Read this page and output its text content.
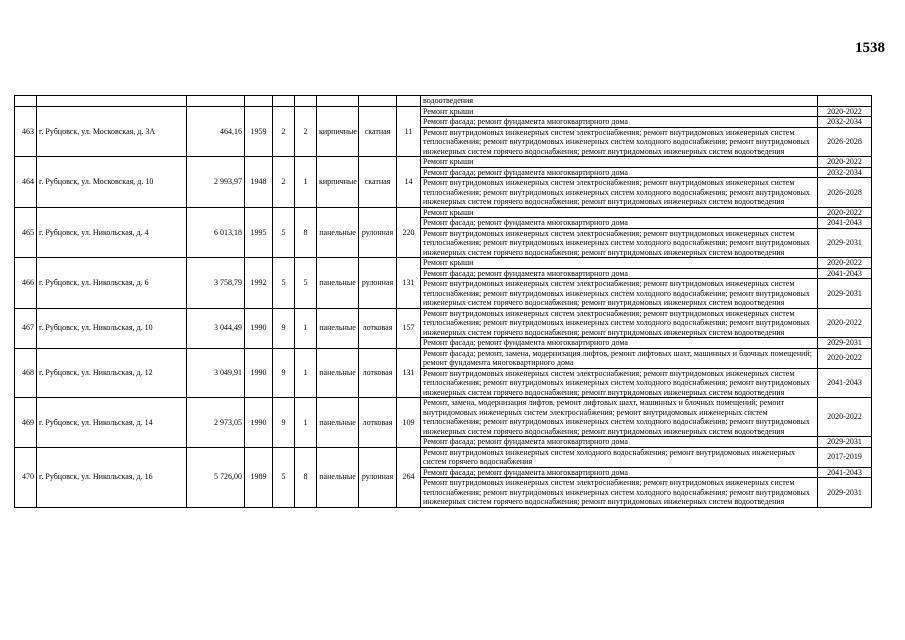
1538
									водоотведения	
463	г. Рубцовск, ул. Московская, д. 3А	464,16	1959	2	2	кирпичные	скатная	11	Ремонт крыши	2020-2022
									Ремонт фасада; ремонт фундамента многоквартирного дома	2032-2034
									Ремонт внутридомовых инженерных систем электроснабжения; ремонт внутридомовых инженерных систем теплоснабжения; ремонт внутридомовых инженерных систем холодного водоснабжения; ремонт внутридомовых инженерных систем горячего водоснабжения; ремонт внутридомовых инженерных систем водоотведения	2026-2028
464	г. Рубцовск, ул. Московская, д. 10	2 993,97	1948	2	1	кирпичные	скатная	14	Ремонт крыши	2020-2022
									Ремонт фасада; ремонт фундамента многоквартирного дома	2032-2034
									Ремонт внутридомовых инженерных систем электроснабжения; ремонт внутридомовых инженерных систем теплоснабжения; ремонт внутридомовых инженерных систем холодного водоснабжения; ремонт внутридомовых инженерных систем горячего водоснабжения; ремонт внутридомовых инженерных систем водоотведения	2026-2028
465	г. Рубцовск, ул. Никольская, д. 4	6 013,18	1995	5	8	панельные	рулонная	220	Ремонт крыши	2020-2022
									Ремонт фасада; ремонт фундамента многоквартирного дома	2041-2043
									Ремонт внутридомовых инженерных систем электроснабжения; ремонт внутридомовых инженерных систем теплоснабжения; ремонт внутридомовых инженерных систем холодного водоснабжения; ремонт внутридомовых инженерных систем горячего водоснабжения; ремонт внутридомовых инженерных систем водоотведения	2029-2031
466	г. Рубцовск, ул. Никольская, д. 6	3 758,79	1992	5	5	панельные	рулонная	131	Ремонт крыши	2020-2022
									Ремонт фасада; ремонт фундамента многоквартирного дома	2041-2043
									Ремонт внутридомовых инженерных систем электроснабжения; ремонт внутридомовых инженерных систем теплоснабжения; ремонт внутридомовых инженерных систем холодного водоснабжения; ремонт внутридомовых инженерных систем горячего водоснабжения; ремонт внутридомовых инженерных систем водоотведения	2029-2031
467	г. Рубцовск, ул. Никольская, д. 10	3 044,49	1990	9	1	панельные	лотковая	157	Ремонт внутридомовых инженерных систем электроснабжения; ремонт внутридомовых инженерных систем теплоснабжения; ремонт внутридомовых инженерных систем холодного водоснабжения; ремонт внутридомовых инженерных систем горячего водоснабжения; ремонт внутридомовых инженерных систем водоотведения	2020-2022
									Ремонт фасада; ремонт фундамента многоквартирного дома	2029-2031
468	г. Рубцовск, ул. Никольская, д. 12	3 049,91	1990	9	1	панельные	лотковая	131	Ремонт фасада; ремонт, замена, модернизация лифтов, ремонт лифтовых шахт, машинных и блочных помещений; ремонт фундамента многоквартирного дома	2020-2022
									Ремонт внутридомовых инженерных систем электроснабжения; ремонт внутридомовых инженерных систем теплоснабжения; ремонт внутридомовых инженерных систем холодного водоснабжения; ремонт внутридомовых инженерных систем горячего водоснабжения; ремонт внутридомовых инженерных систем водоотведения	2041-2043
469	г. Рубцовск, ул. Никольская, д. 14	2 973,05	1990	9	1	панельные	лотковая	109	Ремонт, замена, модернизация лифтов, ремонт лифтовых шахт, машинных и блочных помещений; ремонт внутридомовых инженерных систем электроснабжения; ремонт внутридомовых инженерных систем теплоснабжения; ремонт внутридомовых инженерных систем холодного водоснабжения; ремонт внутридомовых инженерных систем горячего водоснабжения; ремонт внутридомовых инженерных систем водоотведения	2020-2022
									Ремонт фасада; ремонт фундамента многоквартирного дома	2029-2031
470	г. Рубцовск, ул. Никольская, д. 16	5 726,00	1989	5	8	панельные	рулонная	264	Ремонт внутридомовых инженерных систем холодного водоснабжения; ремонт внутридомовых инженерных систем горячего водоснабжения	2017-2019
									Ремонт фасада; ремонт фундамента многоквартирного дома	2041-2043
									Ремонт внутридомовых инженерных систем электроснабжения; ремонт внутридомовых инженерных систем теплоснабжения; ремонт внутридомовых инженерных систем холодного водоснабжения; ремонт внутридомовых инженерных систем горячего водоснабжения; ремонт внутридомовых инженерных систем водоотведения	2029-2031
